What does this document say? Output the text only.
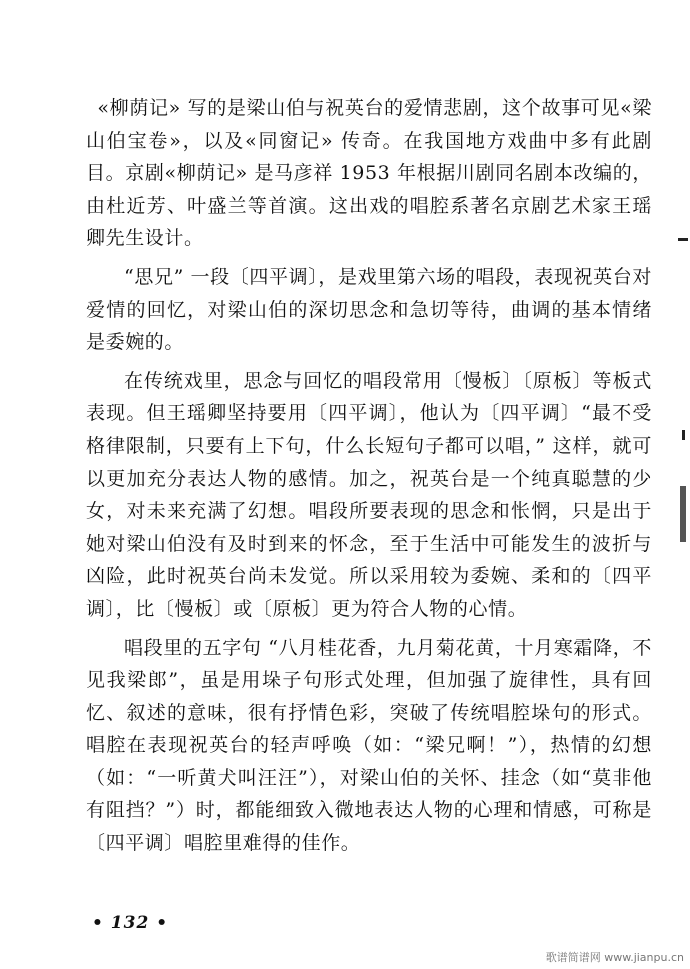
«柳荫记» 写的是梁山伯与祝英台的爱情悲剧，这个故事可见«梁山伯宝卷»，以及«同窗记» 传奇。在我国地方戏曲中多有此剧目。京剧«柳荫记» 是马彦祥 1953 年根据川剧同名剧本改编的，由杜近芳、叶盛兰等首演。这出戏的唱腔系著名京剧艺术家王瑶卿先生设计。

“思兄” 一段〔四平调〕，是戏里第六场的唱段，表现祝英台对爱情的回忆，对梁山伯的深切思念和急切等待，曲调的基本情绪是委婉的。

在传统戏里，思念与回忆的唱段常用〔慢板〕〔原板〕等板式表现。但王瑶卿坚持要用〔四平调〕，他认为〔四平调〕“最不受格律限制，只要有上下句，什么长短句子都可以唱，” 这样，就可以更加充分表达人物的感情。加之，祝英台是一个纯真聪慧的少女，对未来充满了幻想。唱段所要表现的思念和怅惘，只是出于她对梁山伯没有及时到来的怀念，至于生活中可能发生的波折与凶险，此时祝英台尚未发觉。所以采用较为委婉、柔和的〔四平调〕，比〔慢板〕或〔原板〕更为符合人物的心情。

唱段里的五字句 “八月桂花香，九月菊花黄，十月寒霜降，不见我梁郎”，虽是用垛子句形式处理，但加强了旋律性，具有回忆、叙述的意味，很有抒情色彩，突破了传统唱腔垛句的形式。唱腔在表现祝英台的轻声呼唤（如：“梁兄啊！”），热情的幻想（如：“一听黄犬叫汪汪”），对梁山伯的关怀、挂念（如“莫非他有阻挡？”）时，都能细致入微地表达人物的心理和情感，可称是〔四平调〕唱腔里难得的佳作。

• 132 •
歌谱简谱网 www.jianpu.cn
